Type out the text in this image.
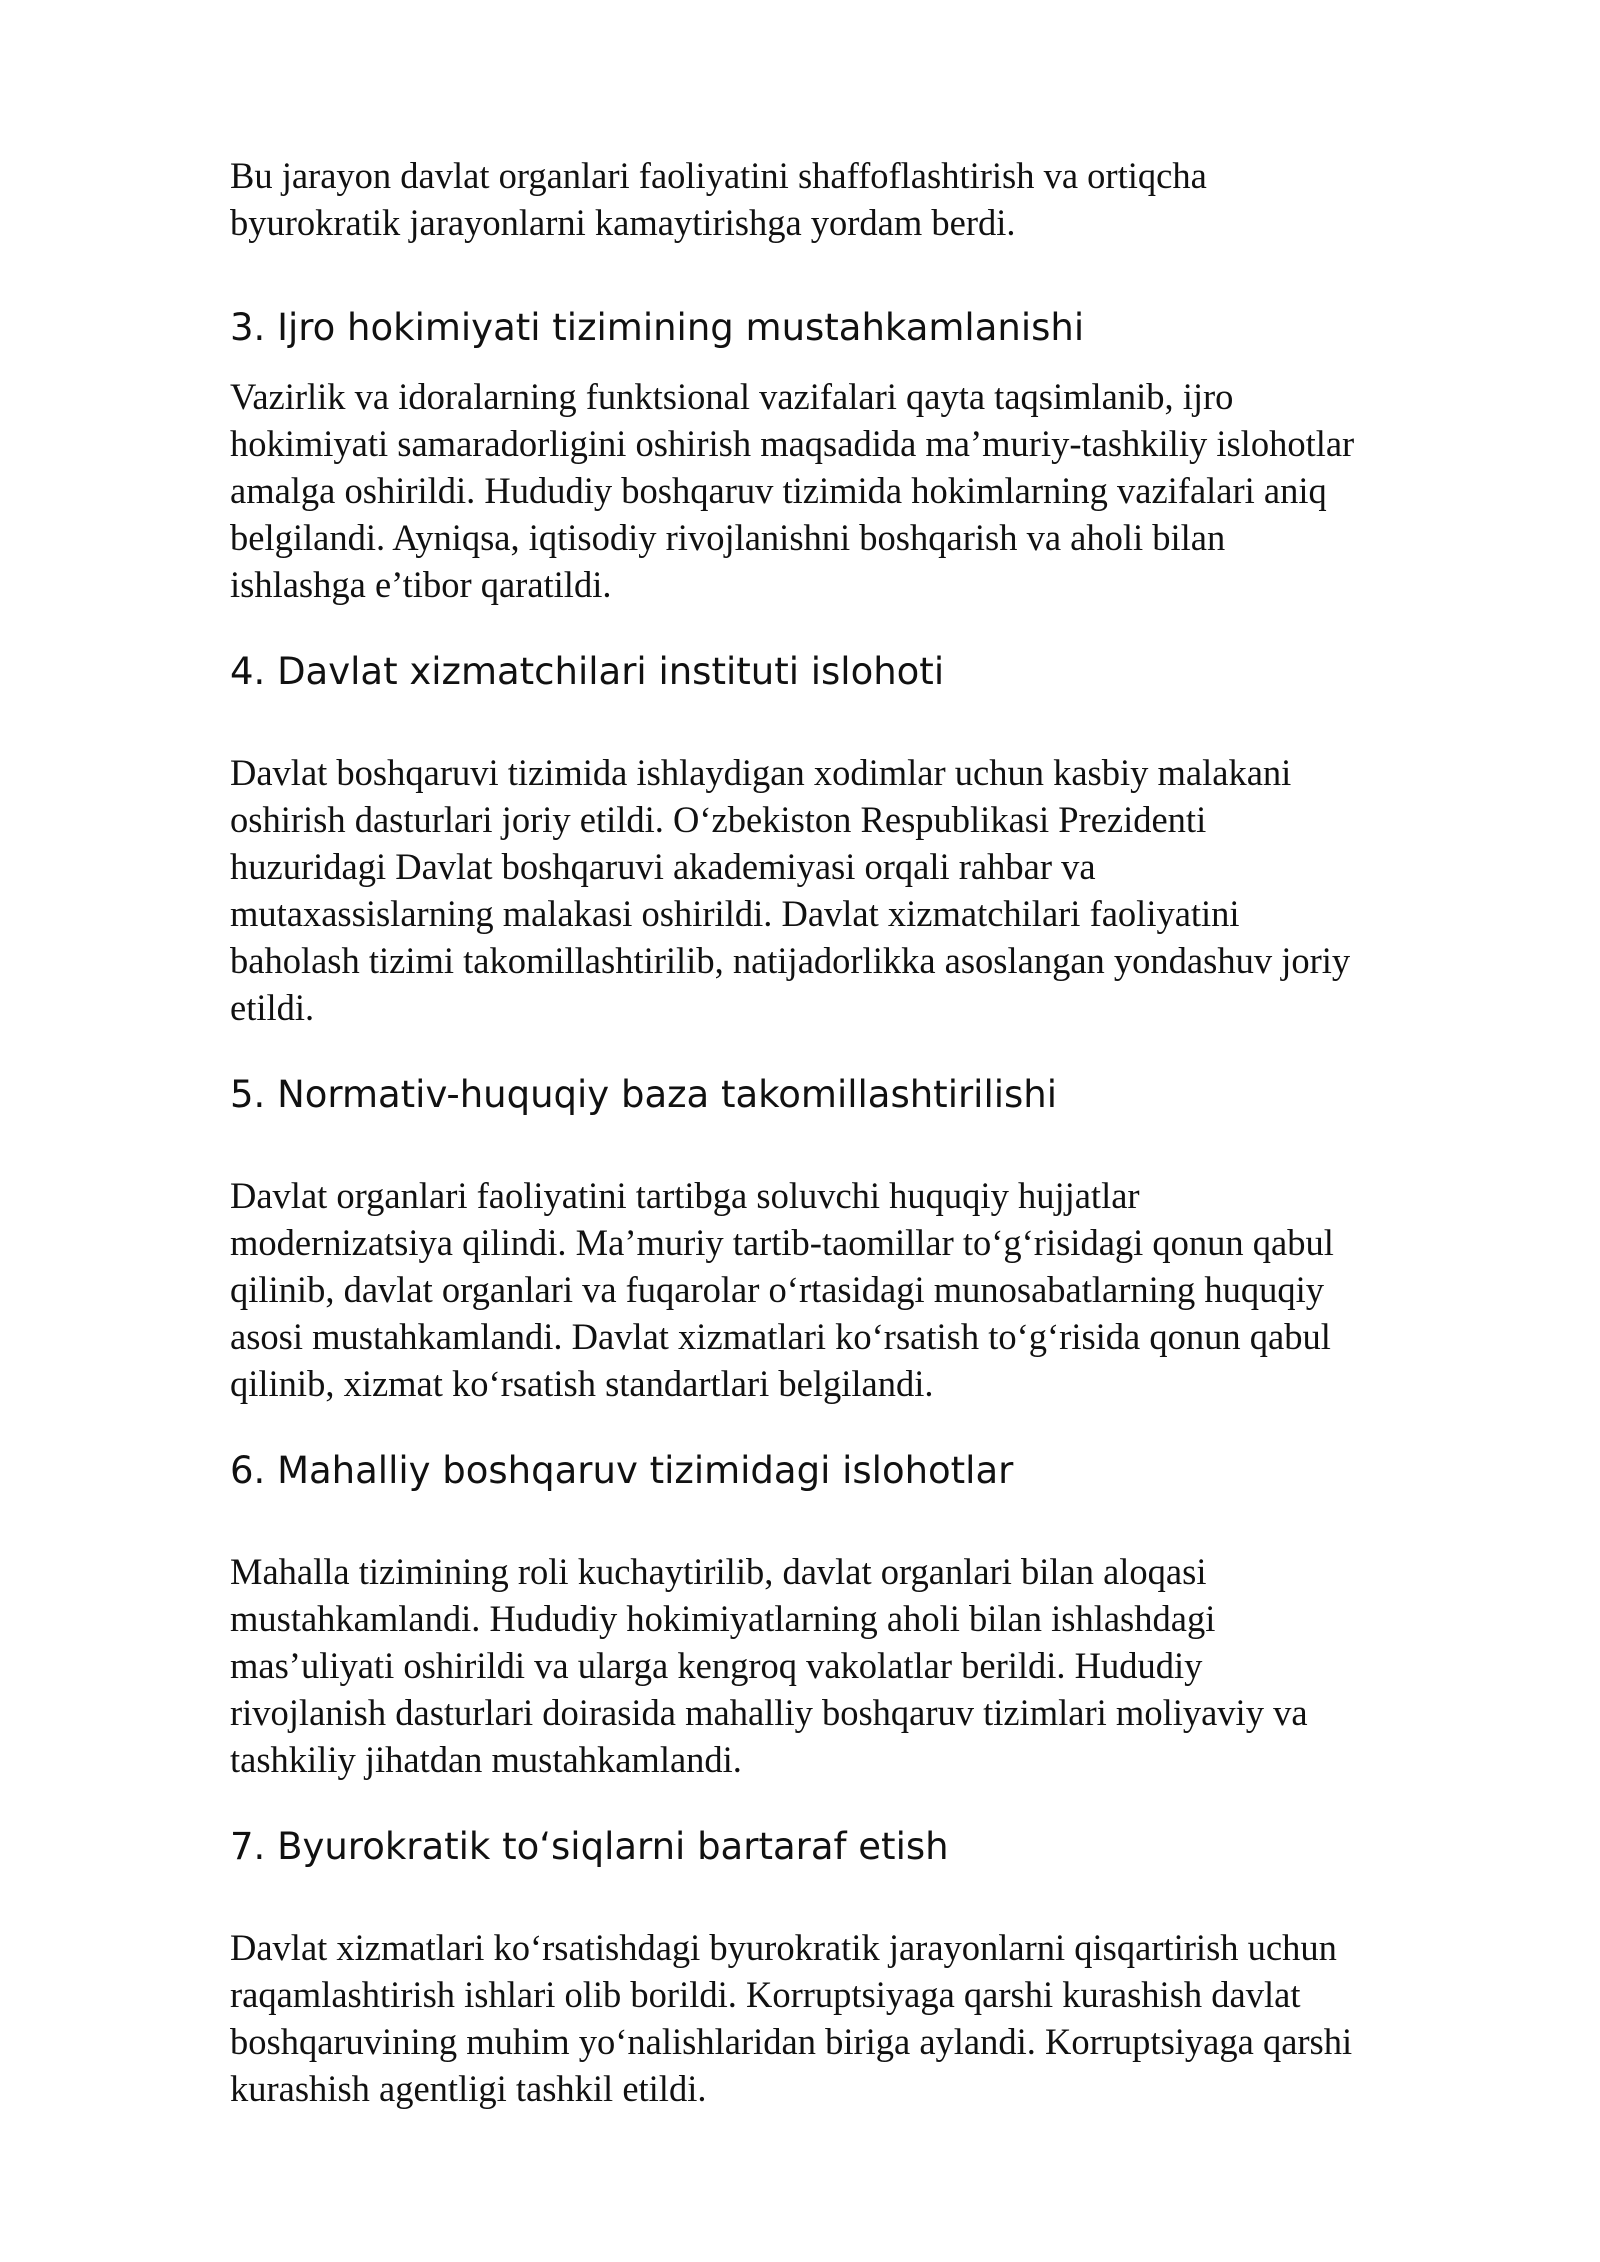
Bu jarayon davlat organlari faoliyatini shaffoflashtirish va ortiqcha
byurokratik jarayonlarni kamaytirishga yordam berdi.

3. Ijro hokimiyati tizimining mustahkamlanishi

Vazirlik va idoralarning funktsional vazifalari qayta taqsimlanib, ijro
hokimiyati samaradorligini oshirish maqsadida ma’muriy-tashkiliy islohotlar
amalga oshirildi. Hududiy boshqaruv tizimida hokimlarning vazifalari aniq
belgilandi. Ayniqsa, iqtisodiy rivojlanishni boshqarish va aholi bilan
ishlashga e’tibor qaratildi.

4. Davlat xizmatchilari instituti islohoti

Davlat boshqaruvi tizimida ishlaydigan xodimlar uchun kasbiy malakani
oshirish dasturlari joriy etildi. O‘zbekiston Respublikasi Prezidenti
huzuridagi Davlat boshqaruvi akademiyasi orqali rahbar va
mutaxassislarning malakasi oshirildi. Davlat xizmatchilari faoliyatini
baholash tizimi takomillashtirilib, natijadorlikka asoslangan yondashuv joriy
etildi.

5. Normativ-huquqiy baza takomillashtirilishi

Davlat organlari faoliyatini tartibga soluvchi huquqiy hujjatlar
modernizatsiya qilindi. Ma’muriy tartib-taomillar to‘g‘risidagi qonun qabul
qilinib, davlat organlari va fuqarolar o‘rtasidagi munosabatlarning huquqiy
asosi mustahkamlandi. Davlat xizmatlari ko‘rsatish to‘g‘risida qonun qabul
qilinib, xizmat ko‘rsatish standartlari belgilandi.

6. Mahalliy boshqaruv tizimidagi islohotlar

Mahalla tizimining roli kuchaytirilib, davlat organlari bilan aloqasi
mustahkamlandi. Hududiy hokimiyatlarning aholi bilan ishlashdagi
mas’uliyati oshirildi va ularga kengroq vakolatlar berildi. Hududiy
rivojlanish dasturlari doirasida mahalliy boshqaruv tizimlari moliyaviy va
tashkiliy jihatdan mustahkamlandi.

7. Byurokratik to‘siqlarni bartaraf etish

Davlat xizmatlari ko‘rsatishdagi byurokratik jarayonlarni qisqartirish uchun
raqamlashtirish ishlari olib borildi. Korruptsiyaga qarshi kurashish davlat
boshqaruvining muhim yo‘nalishlaridan biriga aylandi. Korruptsiyaga qarshi
kurashish agentligi tashkil etildi.
